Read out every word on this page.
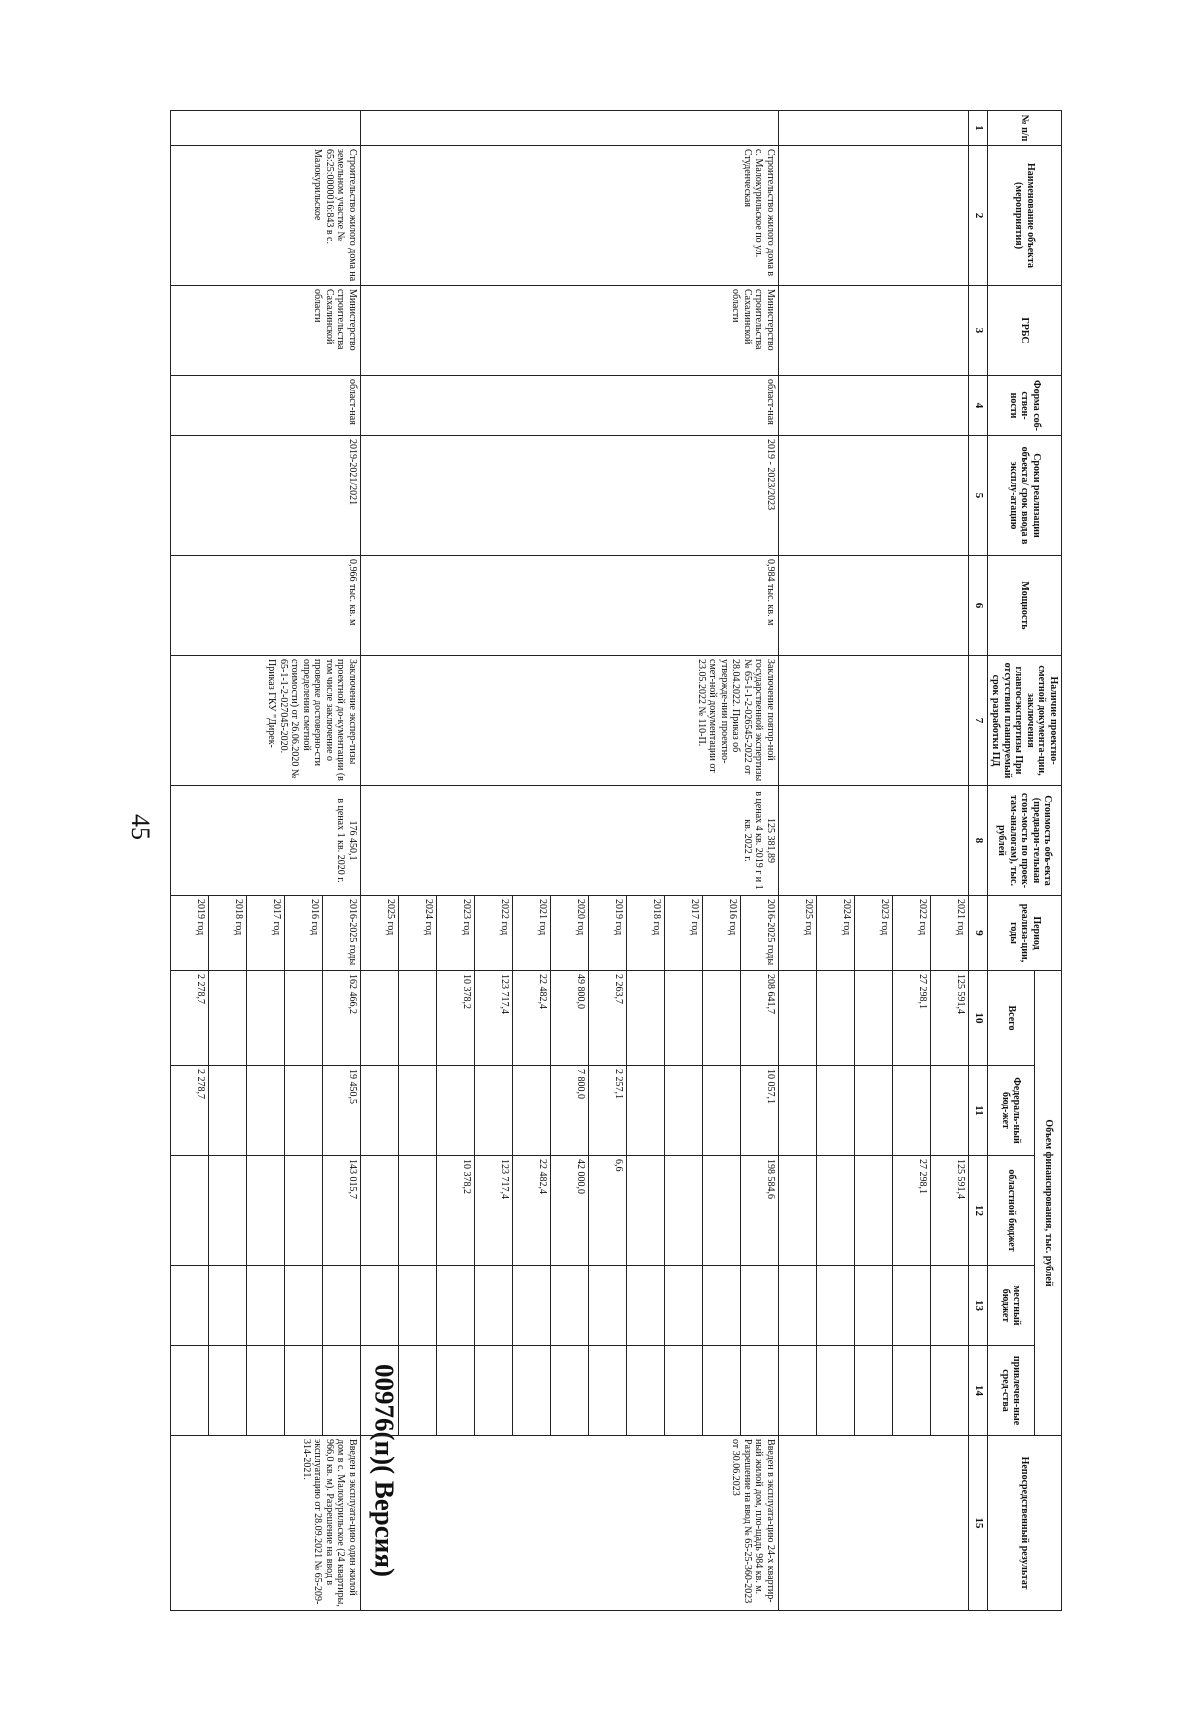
45
00976(п)( Версия)
№ п/п	Наименование объекта (мероприятия)	ГРБС	Форма соб-ствен-ности	Сроки реализации объекта/ срок ввода в эксплу-атацию	Мощность	Наличие проектно-сметной документа-ции, заключения главгосэкспертизы При отсутствии планируемый срок разработки ПД	Стоимость объ-екта (предвари-тельная стои-мость по проек-там-аналогам), тыс. рублей	Период реализа-ции, годы	Объем финансирования, тыс. рублей					Непосредственный результат
									Всего	Федераль-ный бюд-жет	областной бюджет	местный бюджет	привлечен-ные сред-ства	
1	2	3	4	5	6	7	8	9	10	11	12	13	14	15
								2021 год	125 591,4		125 591,4			
								2022 год	27 298,1		27 298,1			
								2023 год						
								2024 год						
								2025 год						
	Строительство жилого дома в с. Малокурильское по ул. Студенческая	Министерство строительства Сахалинской области	област-ная	2019 - 2023/2023	0,984 тыс. кв. м	Заключение повтор-ной государственной экспертизы № 65-1-1-2-026545-2022 от 28.04.2022. Приказ об утвержде-нии проектно-смет-ной документации от 23.05.2022 № 110-П.	125 381,89
в ценах 4 кв. 2019 г и 1 кв. 2022 г.	2016-2025 годы	208 641,7	10 057,1	198 584,6			Введен в эксплуата-цию 24-х квартир-ный жилой дом, пло-щадь 984 кв. м. Разрешение на ввод № 65-25-360-2023 от 30.06.2023
								2016 год						
								2017 год						
								2018 год						
								2019 год	2 263,7	2 257,1	6,6			
								2020 год	49 800,0	7 800,0	42 000,0			
								2021 год	22 482,4		22 482,4			
								2022 год	123 717,4		123 717,4			
								2023 год	10 378,2		10 378,2			
								2024 год						
								2025 год						
	Строительство жилого дома на земельном участке № 65:25:0000016:843 в с. Малокурильское	Министерство строительства Сахалинской области	област-ная	2019-2021/2021	0,966 тыс. кв. м	Заключение экспер-тизы проектной до-кументации (в том числе заключение о проверке достоверно-сти определения сметной стоимости) от 26.06.2020 № 65-1-1-2-027045-2020. Приказ ГКУ "Дирек-	176 450,1
в ценах 1 кв. 2020 г.	2016-2025 годы	162 466,2	19 450,5	143 015,7			Введен в эксплуата-цию один жилой дом в с. Малокурильское (24 квартиры, 966,0 кв. м). Разрешение на ввод в эксплуатацию от 28.09.2021 № 65-209-314-2021.
								2016 год						
								2017 год						
								2018 год						
								2019 год	2 278,7	2 278,7				
